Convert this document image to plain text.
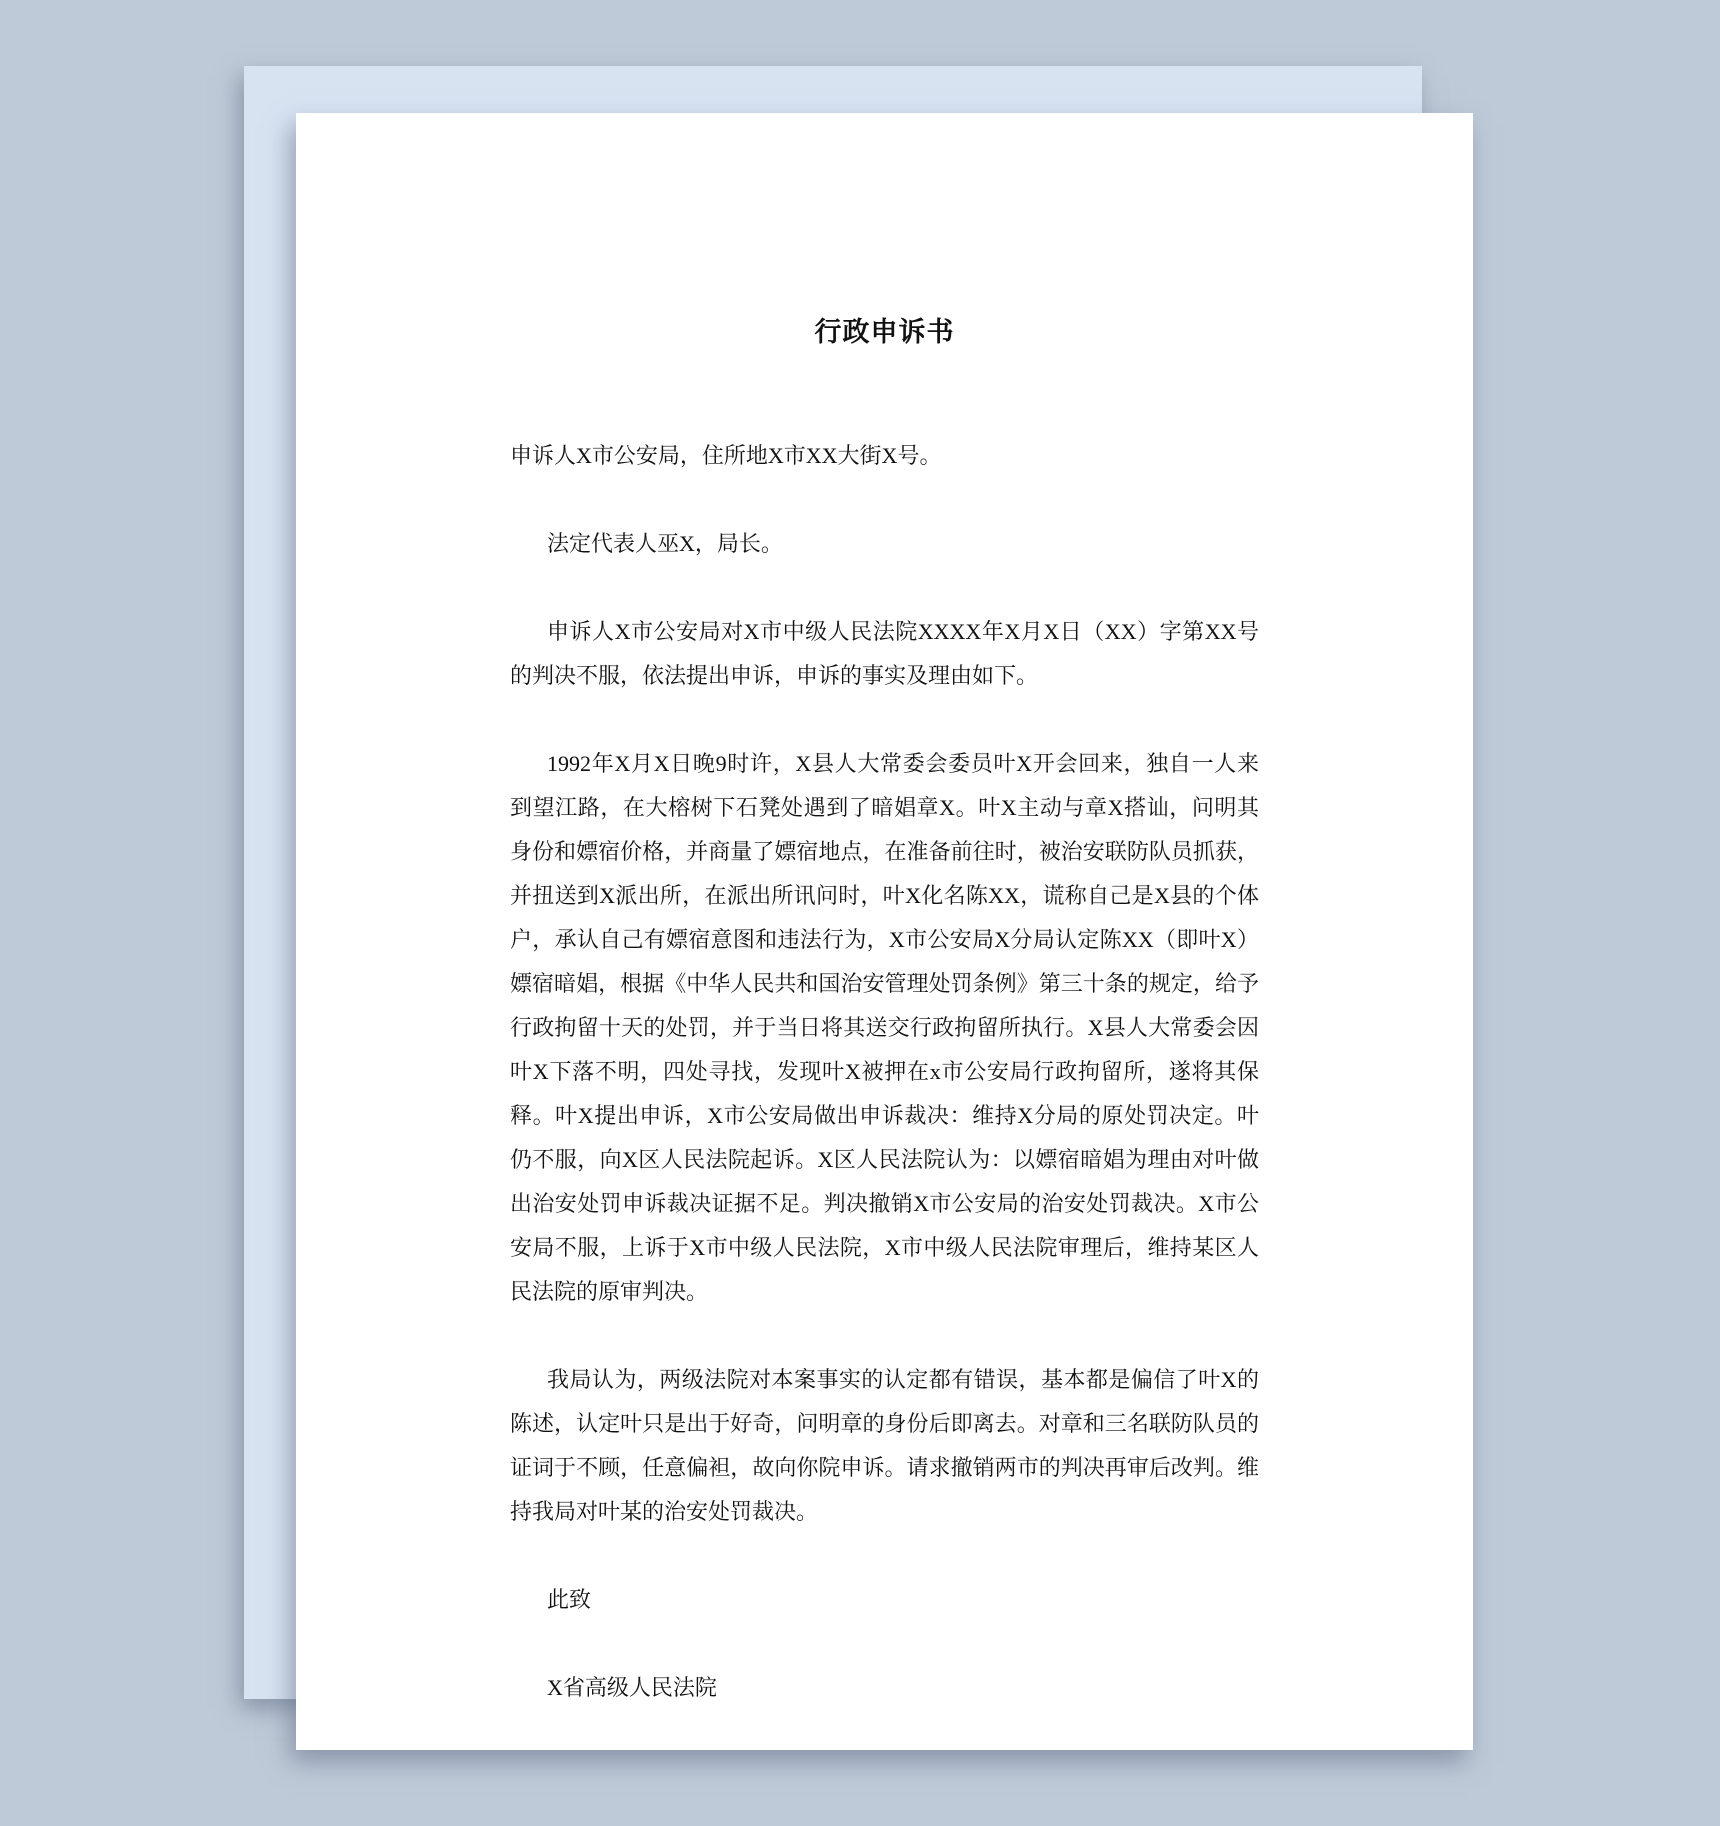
行政申诉书

申诉人X市公安局，住所地X市XX大街X号。

法定代表人巫X，局长。

申诉人X市公安局对X市中级人民法院XXXX年X月X日（XX）字第XX号的判决不服，依法提出申诉，申诉的事实及理由如下。

1992年X月X日晚9时许，X县人大常委会委员叶X开会回来，独自一人来到望江路，在大榕树下石凳处遇到了暗娼章X。叶X主动与章X搭讪，问明其身份和嫖宿价格，并商量了嫖宿地点，在准备前往时，被治安联防队员抓获，并扭送到X派出所，在派出所讯问时，叶X化名陈XX，谎称自己是X县的个体户，承认自己有嫖宿意图和违法行为，X市公安局X分局认定陈XX（即叶X）嫖宿暗娼，根据《中华人民共和国治安管理处罚条例》第三十条的规定，给予行政拘留十天的处罚，并于当日将其送交行政拘留所执行。X县人大常委会因叶X下落不明，四处寻找，发现叶X被押在x市公安局行政拘留所，遂将其保释。叶X提出申诉，X市公安局做出申诉裁决：维持X分局的原处罚决定。叶仍不服，向X区人民法院起诉。X区人民法院认为：以嫖宿暗娼为理由对叶做出治安处罚申诉裁决证据不足。判决撤销X市公安局的治安处罚裁决。X市公安局不服，上诉于X市中级人民法院，X市中级人民法院审理后，维持某区人民法院的原审判决。

我局认为，两级法院对本案事实的认定都有错误，基本都是偏信了叶X的陈述，认定叶只是出于好奇，问明章的身份后即离去。对章和三名联防队员的证词于不顾，任意偏袒，故向你院申诉。请求撤销两市的判决再审后改判。维持我局对叶某的治安处罚裁决。

此致

X省高级人民法院
